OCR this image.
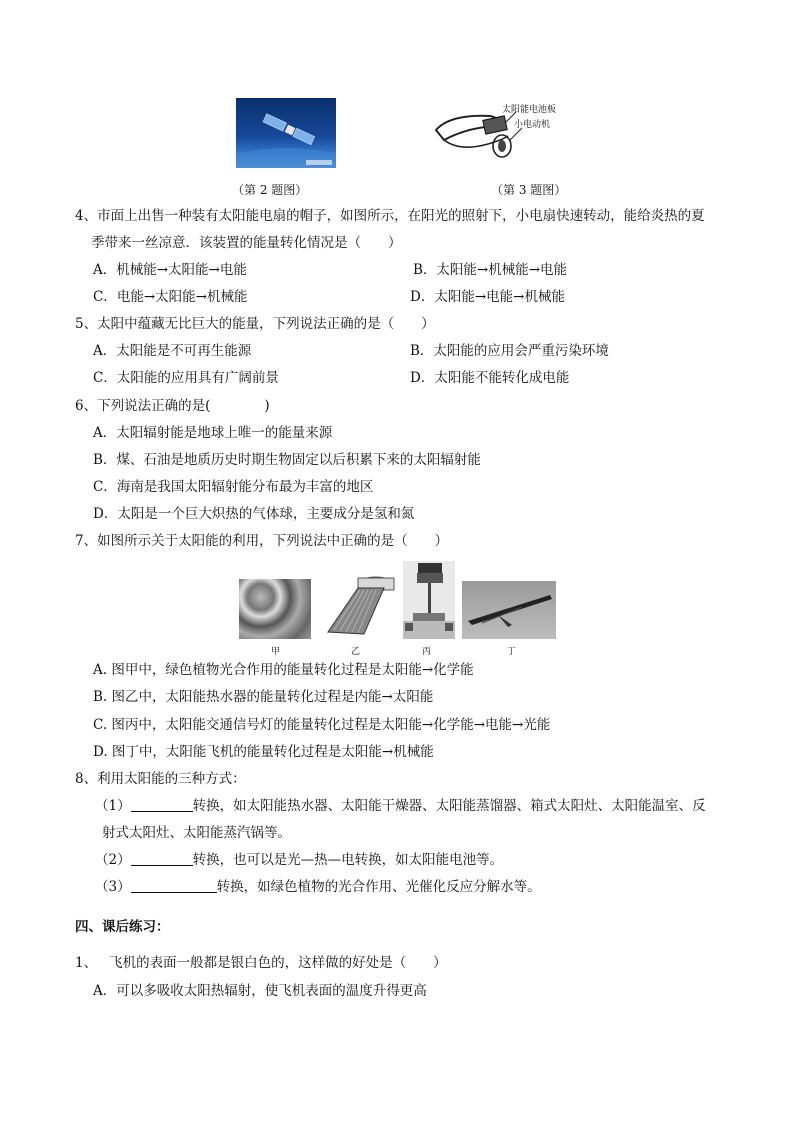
太阳能电池板
小电动机
（第 2 题图）	（第 3 题图）
4、市面上出售一种装有太阳能电扇的帽子，如图所示，在阳光的照射下，小电扇快速转动，能给炎热的夏
季带来一丝凉意．该装置的能量转化情况是（　　）
A．机械能→太阳能→电能	B．太阳能→机械能→电能
C．电能→太阳能→机械能	D．太阳能→电能→机械能
5、太阳中蕴藏无比巨大的能量，下列说法正确的是（　　）
A．太阳能是不可再生能源	B．太阳能的应用会严重污染环境
C．太阳能的应用具有广阔前景	D．太阳能不能转化成电能
6、下列说法正确的是(　　　　)
A．太阳辐射能是地球上唯一的能量来源
B．煤、石油是地质历史时期生物固定以后积累下来的太阳辐射能
C．海南是我国太阳辐射能分布最为丰富的地区
D．太阳是一个巨大炽热的气体球，主要成分是氢和氮
7、如图所示关于太阳能的利用，下列说法中正确的是（　　）
甲	乙	丙	丁
A. 图甲中，绿色植物光合作用的能量转化过程是太阳能→化学能
B. 图乙中，太阳能热水器的能量转化过程是内能→太阳能
C. 图丙中，太阳能交通信号灯的能量转化过程是太阳能→化学能→电能→光能
D. 图丁中，太阳能飞机的能量转化过程是太阳能→机械能
8、利用太阳能的三种方式：
（1）	转换，如太阳能热水器、太阳能干燥器、太阳能蒸馏器、箱式太阳灶、太阳能温室、反
射式太阳灶、太阳能蒸汽锅等。
（2）	转换，也可以是光—热—电转换，如太阳能电池等。
（3）	转换，如绿色植物的光合作用、光催化反应分解水等。
四、课后练习：
1、 飞机的表面一般都是银白色的，这样做的好处是（　　）
A．可以多吸收太阳热辐射，使飞机表面的温度升得更高
